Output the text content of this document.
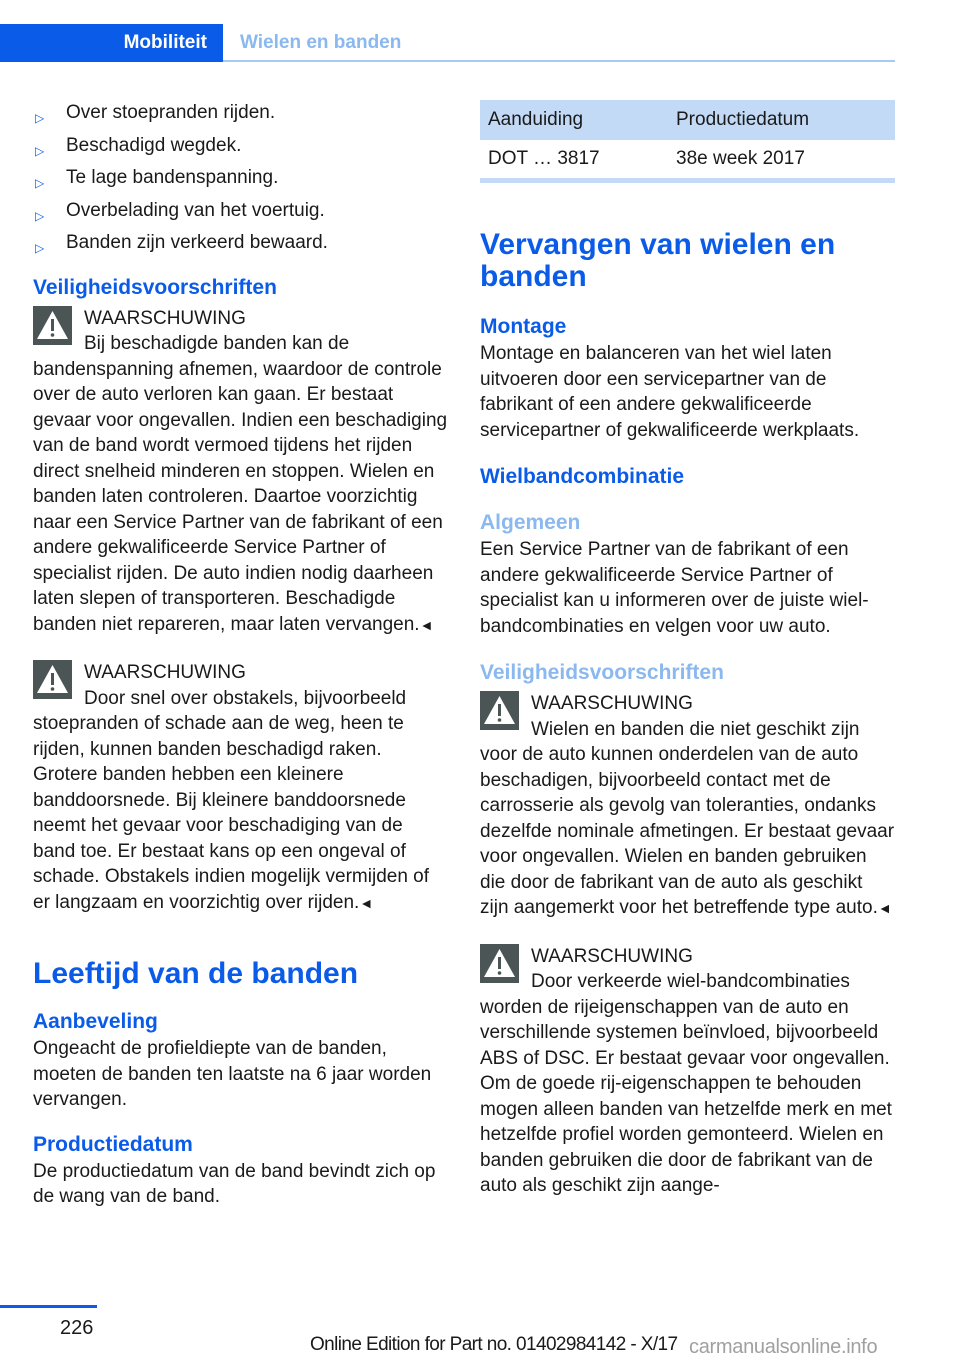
Mobiliteit	Wielen en banden
▷ Over stoepranden rijden.
▷ Beschadigd wegdek.
▷ Te lage bandenspanning.
▷ Overbelading van het voertuig.
▷ Banden zijn verkeerd bewaard.
Veiligheidsvoorschriften
WAARSCHUWING

Bij beschadigde banden kan de bandenspanning afnemen, waardoor de controle over de auto verloren kan gaan. Er bestaat gevaar voor ongevallen. Indien een beschadiging van de band wordt vermoed tijdens het rijden direct snelheid minderen en stoppen. Wielen en banden laten controleren. Daartoe voorzichtig naar een Service Partner van de fabrikant of een andere gekwalificeerde Service Partner of specialist rijden. De auto indien nodig daarheen laten slepen of transporteren. Beschadigde banden niet repareren, maar laten vervangen.◄

WAARSCHUWING

Door snel over obstakels, bijvoorbeeld stoepranden of schade aan de weg, heen te rijden, kunnen banden beschadigd raken. Grotere banden hebben een kleinere banddoorsnede. Bij kleinere banddoorsnede neemt het gevaar voor beschadiging van de band toe. Er bestaat kans op een ongeval of schade. Obstakels indien mogelijk vermijden of er langzaam en voorzichtig over rijden.◄

Leeftijd van de banden
Aanbeveling

Ongeacht de profieldiepte van de banden, moeten de banden ten laatste na 6 jaar worden vervangen.

Productiedatum

De productiedatum van de band bevindt zich op de wang van de band.

Aanduiding	Productiedatum
DOT … 3817	38e week 2017
Vervangen van wielen en banden
Montage

Montage en balanceren van het wiel laten uitvoeren door een servicepartner van de fabrikant of een andere gekwalificeerde servicepartner of gekwalificeerde werkplaats.

Wielbandcombinatie
Algemeen

Een Service Partner van de fabrikant of een andere gekwalificeerde Service Partner of specialist kan u informeren over de juiste wiel-bandcombinaties en velgen voor uw auto.

Veiligheidsvoorschriften
WAARSCHUWING

Wielen en banden die niet geschikt zijn voor de auto kunnen onderdelen van de auto beschadigen, bijvoorbeeld contact met de carrosserie als gevolg van toleranties, ondanks dezelfde nominale afmetingen. Er bestaat gevaar voor ongevallen. Wielen en banden gebruiken die door de fabrikant van de auto als geschikt zijn aangemerkt voor het betreffende type auto.◄

WAARSCHUWING

Door verkeerde wiel-bandcombinaties worden de rijeigenschappen van de auto en verschillende systemen beïnvloed, bijvoorbeeld ABS of DSC. Er bestaat gevaar voor ongevallen. Om de goede rij-eigenschappen te behouden mogen alleen banden van hetzelfde merk en met hetzelfde profiel worden gemonteerd. Wielen en banden gebruiken die door de fabrikant van de auto als geschikt zijn aange-

226
Online Edition for Part no. 01402984142 - X/17 carmanualsonline.info
